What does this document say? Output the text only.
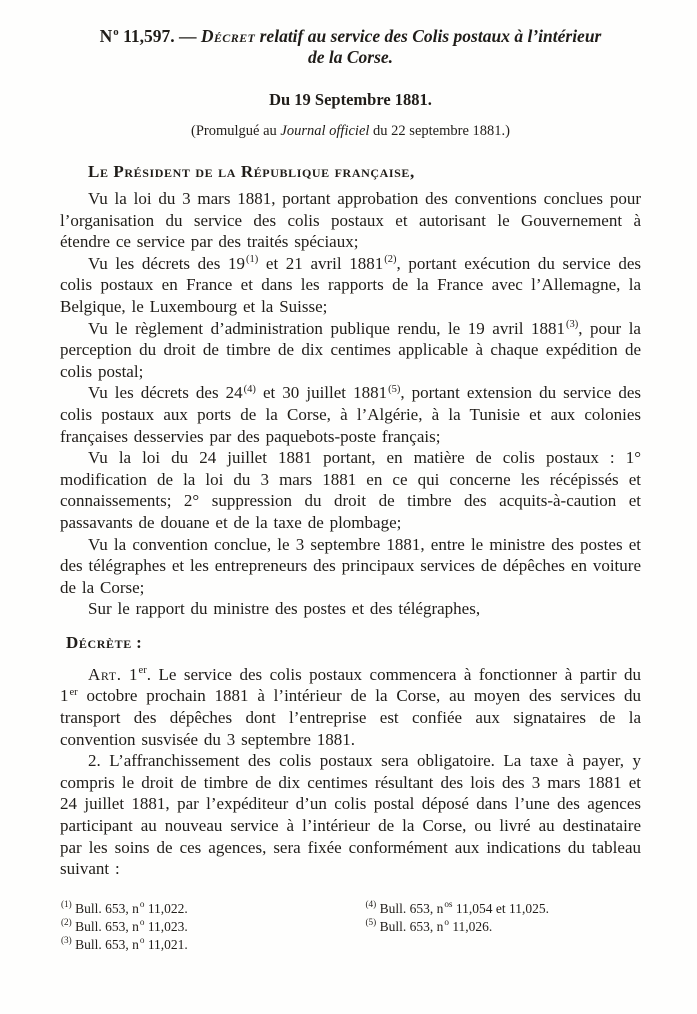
$N^o$ 11,597. — Décret relatif au service des Colis postaux à l’intérieur
de la Corse.
Du 19 Septembre 1881.
(Promulgué au Journal officiel du 22 septembre 1881.)

Le Président de la République française,

Vu la loi du 3 mars 1881, portant approbation des conventions conclues pour l’organisation du service des colis postaux et autorisant le Gouvernement à étendre ce service par des traités spéciaux;

Vu les décrets des 19$^{(1)}$ et 21 avril 1881$^{(2)}$, portant exécution du service des colis postaux en France et dans les rapports de la France avec l’Allemagne, la Belgique, le Luxembourg et la Suisse;

Vu le règlement d’administration publique rendu, le 19 avril 1881$^{(3)}$, pour la perception du droit de timbre de dix centimes applicable à chaque expédition de colis postal;

Vu les décrets des 24$^{(4)}$ et 30 juillet 1881$^{(5)}$, portant extension du service des colis postaux aux ports de la Corse, à l’Algérie, à la Tunisie et aux colonies françaises desservies par des paquebots-poste français;

Vu la loi du 24 juillet 1881 portant, en matière de colis postaux : 1° modification de la loi du 3 mars 1881 en ce qui concerne les récépissés et connaissements; 2° suppression du droit de timbre des acquits-à-caution et passavants de douane et de la taxe de plombage;

Vu la convention conclue, le 3 septembre 1881, entre le ministre des postes et des télégraphes et les entrepreneurs des principaux services de dépêches en voiture de la Corse;

Sur le rapport du ministre des postes et des télégraphes,

Décrète :

Art. 1er. Le service des colis postaux commencera à fonctionner à partir du 1er octobre prochain 1881 à l’intérieur de la Corse, au moyen des services du transport des dépêches dont l’entreprise est confiée aux signataires de la convention susvisée du 3 septembre 1881.

2. L’affranchissement des colis postaux sera obligatoire. La taxe à payer, y compris le droit de timbre de dix centimes résultant des lois des 3 mars 1881 et 24 juillet 1881, par l’expéditeur d’un colis postal déposé dans l’une des agences participant au nouveau service à l’intérieur de la Corse, ou livré au destinataire par les soins de ces agences, sera fixée conformément aux indications du tableau suivant :

$^{(1)}$ Bull. 653, $n^o$ 11,022.
$^{(2)}$ Bull. 653, $n^o$ 11,023.
$^{(3)}$ Bull. 653, $n^o$ 11,021.
$^{(4)}$ Bull. 653, $n^{os}$ 11,054 et 11,025.
$^{(5)}$ Bull. 653, $n^o$ 11,026.
